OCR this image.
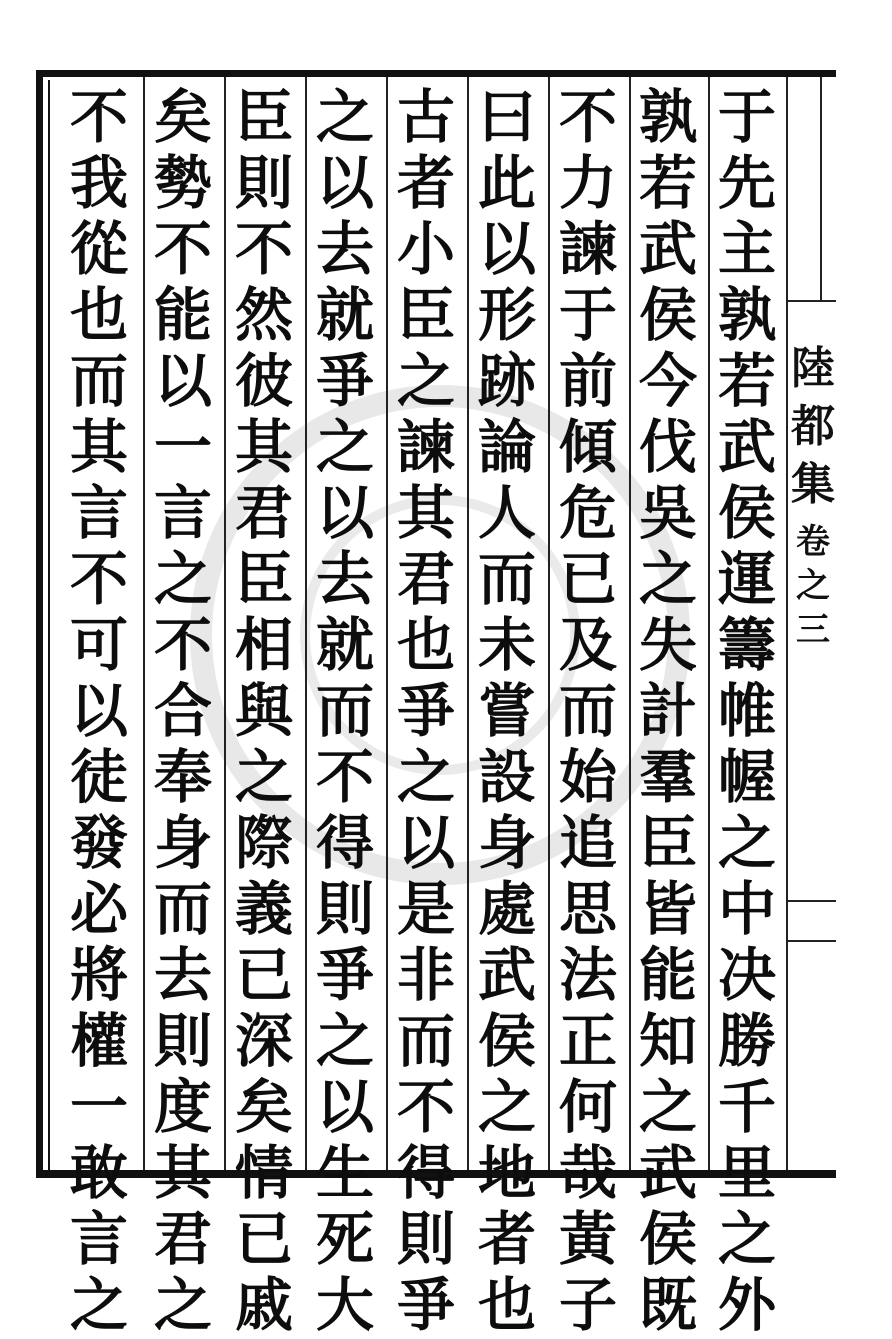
陸
都
集
卷
之
三
于
先
主
孰
若
武
侯
運
籌
帷
幄
之
中
决
勝
千
里
之
外
孰
若
武
侯
今
伐
吳
之
失
計
羣
臣
皆
能
知
之
武
侯
既
不
力
諫
于
前
傾
危
已
及
而
始
追
思
法
正
何
哉
黃
子
曰
此
以
形
跡
論
人
而
未
嘗
設
身
處
武
侯
之
地
者
也
古
者
小
臣
之
諫
其
君
也
爭
之
以
是
非
而
不
得
則
爭
之
以
去
就
爭
之
以
去
就
而
不
得
則
爭
之
以
生
死
大
臣
則
不
然
彼
其
君
臣
相
與
之
際
義
已
深
矣
情
已
戚
矣
勢
不
能
以
一
言
之
不
合
奉
身
而
去
則
度
其
君
之
不
我
從
也
而
其
言
不
可
以
徒
發
必
將
權
一
敢
言
之
